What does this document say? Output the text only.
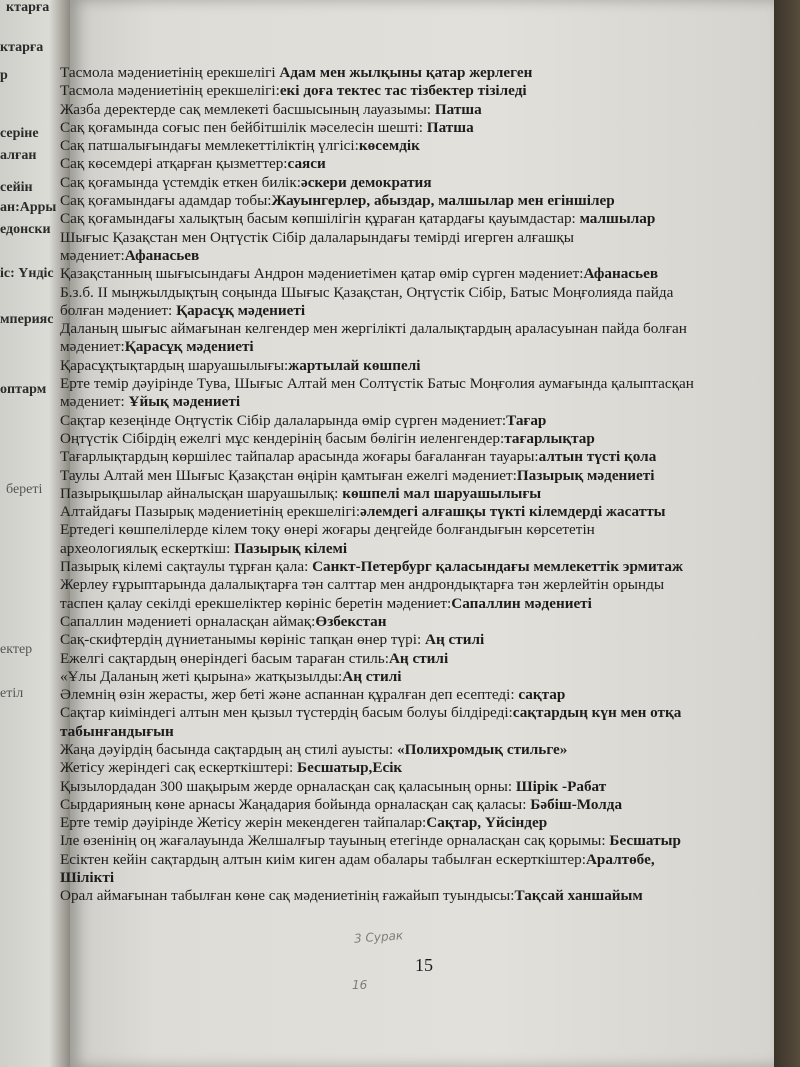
ктарға
ктарға
р
серіне
алған
сейін
ан:Арры
едонски
іс: Үндіс
мперияс
оптарм
береті
ектер
етіл

Тасмола мәдениетінің ерекшелігі Адам мен жылқыны қатар жерлеген

Тасмола мәдениетінің ерекшелігі:екі доға тектес тас тізбектер тізіледі

Жазба деректерде сақ мемлекеті басшысының лауазымы: Патша

Сақ қоғамында соғыс пен бейбітшілік мәселесін шешті: Патша

Сақ патшалығындағы мемлекеттіліктің үлгісі:көсемдік

Сақ көсемдері атқарған қызметтер:саяси

Сақ қоғамында үстемдік еткен билік:әскери демократия

Сақ қоғамындағы адамдар тобы:Жауынгерлер, абыздар, малшылар мен егіншілер

Сақ қоғамындағы халықтың басым көпшілігін құраған қатардағы қауымдастар: малшылар

Шығыс Қазақстан мен Оңтүстік Сібір далаларындағы темірді игерген алғашқы

мәдениет:Афанасьев

Қазақстанның шығысындағы Андрон мәдениетімен қатар өмір сүрген мәдениет:Афанасьев

Б.з.б. ІІ мыңжылдықтың соңында Шығыс Қазақстан, Оңтүстік Сібір, Батыс Моңғолияда пайда

болған мәдениет: Қарасұқ мәдениеті

Даланың шығыс аймағынан келгендер мен жергілікті далалықтардың араласуынан пайда болған

мәдениет:Қарасұқ мәдениеті

Қарасұқтықтардың шаруашылығы:жартылай көшпелі

Ерте темір дәуірінде Тува, Шығыс Алтай мен Солтүстік Батыс Моңғолия аумағында қалыптасқан

мәдениет: Ұйық мәдениеті

Сақтар кезеңінде Оңтүстік Сібір далаларында өмір сүрген мәдениет:Тағар

Оңтүстік Сібірдің ежелгі мұс кендерінің басым бөлігін иеленгендер:тағарлықтар

Тағарлықтардың көршілес тайпалар арасында жоғары бағаланған тауары:алтын түсті қола

Таулы Алтай мен Шығыс Қазақстан өңірін қамтыған ежелгі мәдениет:Пазырық мәдениеті

Пазырықшылар айналысқан шаруашылық: көшпелі мал шаруашылығы

Алтайдағы Пазырық мәдениетінің ерекшелігі:әлемдегі алғашқы түкті кілемдерді жасатты

Ертедегі көшпелілерде кілем тоқу өнері жоғары деңгейде болғандығын көрсететін

археологиялық ескерткіш: Пазырық кілемі

Пазырық кілемі сақтаулы тұрған қала: Санкт-Петербург қаласындағы мемлекеттік эрмитаж

Жерлеу ғұрыптарында далалықтарға тән салттар мен андрондықтарға тән жерлейтін орынды

таспен қалау секілді ерекшеліктер көрініс беретін мәдениет:Сапаллин мәдениеті

Сапаллин мәдениеті орналасқан аймақ:Өзбекстан

Сақ-скифтердің дүниетанымы көрініс тапқан өнер түрі: Аң стилі

Ежелгі сақтардың өнеріндегі басым тараған стиль:Аң стилі

«Ұлы Даланың жеті қырына» жатқызылды:Аң стилі

Әлемнің өзін жерасты, жер беті және аспаннан құралған деп есептеді: сақтар

Сақтар киіміндегі алтын мен қызыл түстердің басым болуы білдіреді:сақтардың күн мен отқа

табынғандығын

Жаңа дәуірдің басында сақтардың аң стилі ауысты: «Полихромдық стильге»

Жетісу жеріндегі сақ ескерткіштері: Бесшатыр,Есік

Қызылордадан 300 шақырым жерде орналасқан сақ қаласының орны: Шірік -Рабат

Сырдарияның көне арнасы Жаңадария бойында орналасқан сақ қаласы: Бәбіш-Молда

Ерте темір дәуірінде Жетісу жерін мекендеген тайпалар:Сақтар, Үйсіндер

Іле өзенінің оң жағалауында Желшалғыр тауының етегінде орналасқан сақ қорымы: Бесшатыр

Есіктен кейін сақтардың алтын киім киген адам обалары табылған ескерткіштер:Аралтөбе,

Шілікті

Орал аймағынан табылған көне сақ мәдениетінің ғажайып туындысы:Тақсай ханшайым

15
3 Сурак
16
